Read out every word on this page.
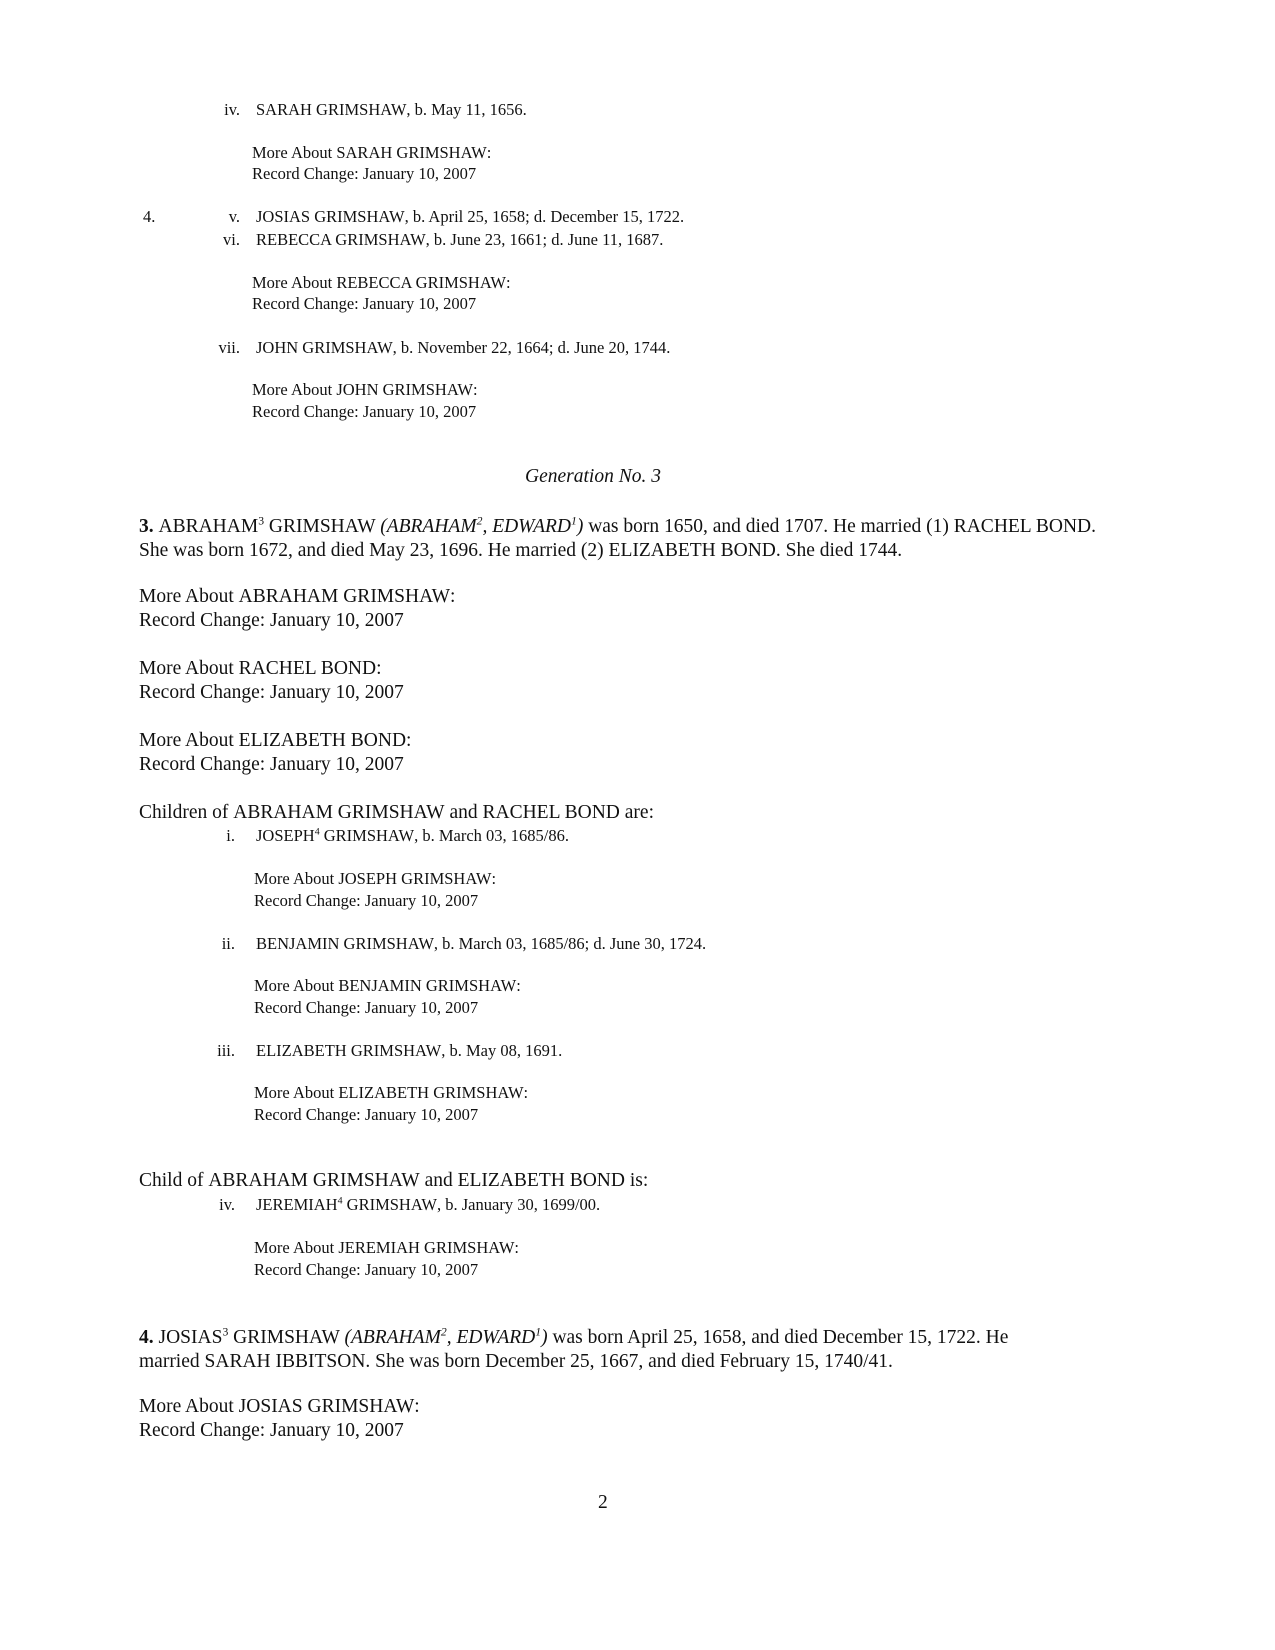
iv. SARAH GRIMSHAW, b. May 11, 1656.
More About SARAH GRIMSHAW:
Record Change: January 10, 2007
4.	v. JOSIAS GRIMSHAW, b. April 25, 1658; d. December 15, 1722.
vi. REBECCA GRIMSHAW, b. June 23, 1661; d. June 11, 1687.
More About REBECCA GRIMSHAW:
Record Change: January 10, 2007
vii. JOHN GRIMSHAW, b. November 22, 1664; d. June 20, 1744.
More About JOHN GRIMSHAW:
Record Change: January 10, 2007
Generation No. 3
3. ABRAHAM$^3$ GRIMSHAW (ABRAHAM$^2$, EDWARD$^1$) was born 1650, and died 1707. He married (1) RACHEL BOND.
She was born 1672, and died May 23, 1696. He married (2) ELIZABETH BOND. She died 1744.
More About ABRAHAM GRIMSHAW:
Record Change: January 10, 2007
More About RACHEL BOND:
Record Change: January 10, 2007
More About ELIZABETH BOND:
Record Change: January 10, 2007
Children of ABRAHAM GRIMSHAW and RACHEL BOND are:
i. JOSEPH$^4$ GRIMSHAW, b. March 03, 1685/86.
More About JOSEPH GRIMSHAW:
Record Change: January 10, 2007
ii. BENJAMIN GRIMSHAW, b. March 03, 1685/86; d. June 30, 1724.
More About BENJAMIN GRIMSHAW:
Record Change: January 10, 2007
iii. ELIZABETH GRIMSHAW, b. May 08, 1691.
More About ELIZABETH GRIMSHAW:
Record Change: January 10, 2007
Child of ABRAHAM GRIMSHAW and ELIZABETH BOND is:
iv. JEREMIAH$^4$ GRIMSHAW, b. January 30, 1699/00.
More About JEREMIAH GRIMSHAW:
Record Change: January 10, 2007
4. JOSIAS$^3$ GRIMSHAW (ABRAHAM$^2$, EDWARD$^1$) was born April 25, 1658, and died December 15, 1722. He
married SARAH IBBITSON. She was born December 25, 1667, and died February 15, 1740/41.
More About JOSIAS GRIMSHAW:
Record Change: January 10, 2007
2
